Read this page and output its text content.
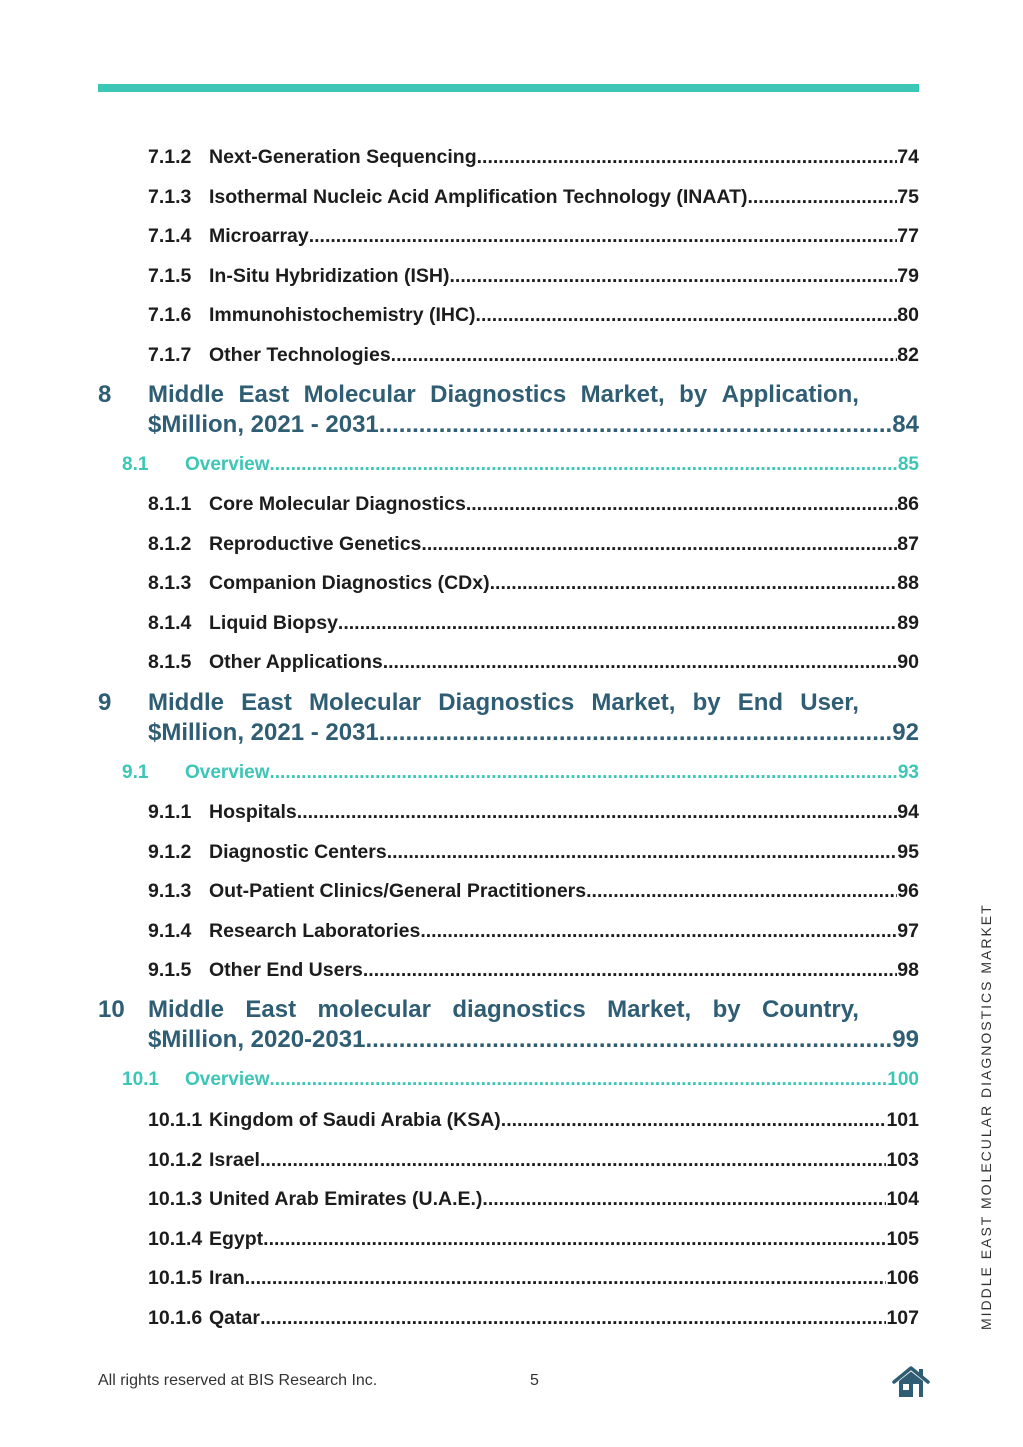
7.1.2 Next-Generation Sequencing .....	74
7.1.3 Isothermal Nucleic Acid Amplification Technology (INAAT) .....	75
7.1.4 Microarray .....	77
7.1.5 In-Situ Hybridization (ISH) .....	79
7.1.6 Immunohistochemistry (IHC) .....	80
7.1.7 Other Technologies .....	82
8 Middle East Molecular Diagnostics Market, by Application,
$Million, 2021 - 2031 .....	84
8.1	Overview .....	85
8.1.1 Core Molecular Diagnostics .....	86
8.1.2 Reproductive Genetics .....	87
8.1.3 Companion Diagnostics (CDx) .....	88
8.1.4 Liquid Biopsy .....	89
8.1.5 Other Applications .....	90
9 Middle East Molecular Diagnostics Market, by End User,
$Million, 2021 - 2031 .....	92
9.1	Overview .....	93
9.1.1 Hospitals .....	94
9.1.2 Diagnostic Centers .....	95
9.1.3 Out-Patient Clinics/General Practitioners .....	96
9.1.4 Research Laboratories .....	97
9.1.5 Other End Users .....	98
10 Middle East molecular diagnostics Market, by Country,
$Million, 2020-2031 .....	99
10.1	Overview .....	100
10.1.1 Kingdom of Saudi Arabia (KSA) .....	101
10.1.2 Israel .....	103
10.1.3 United Arab Emirates (U.A.E.) .....	104
10.1.4 Egypt .....	105
10.1.5 Iran .....	106
10.1.6 Qatar .....	107
All rights reserved at BIS Research Inc.	5
MIDDLE EAST MOLECULAR DIAGNOSTICS MARKET
